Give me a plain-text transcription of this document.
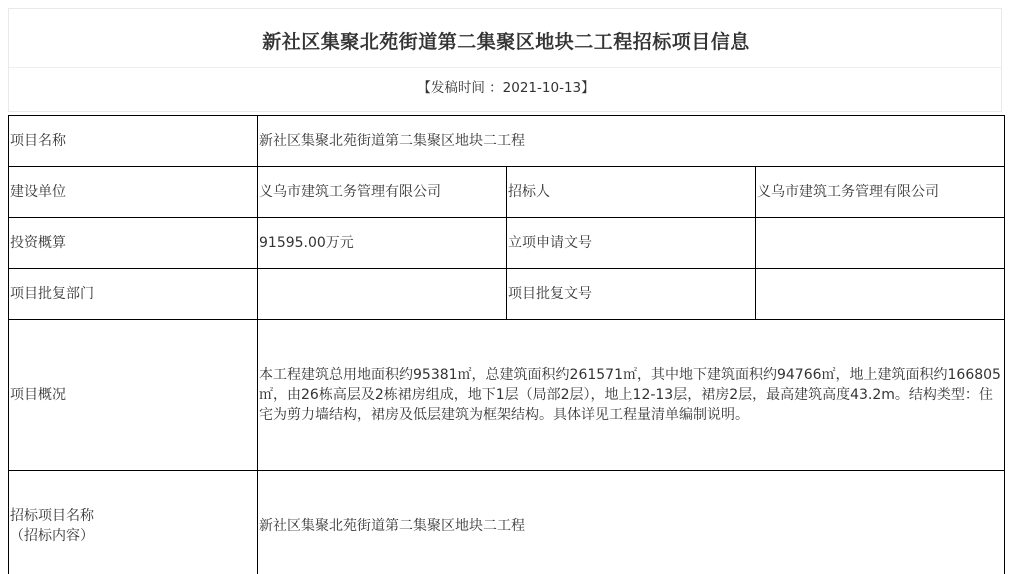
新社区集聚北苑街道第二集聚区地块二工程招标项目信息
【发稿时间 ：2021-10-13】
项目名称	新社区集聚北苑街道第二集聚区地块二工程		
建设单位	义乌市建筑工务管理有限公司	招标人	义乌市建筑工务管理有限公司
投资概算	91595.00万元	立项申请文号	
项目批复部门		项目批复文号	
项目概况	本工程建筑总用地面积约95381㎡，总建筑面积约261571㎡，其中地下建筑面积约94766㎡，地上建筑面积约166805㎡，由26栋高层及2栋裙房组成，地下1层（局部2层），地上12-13层，裙房2层，最高建筑高度43.2m。结构类型：住宅为剪力墙结构，裙房及低层建筑为框架结构。具体详见工程量清单编制说明。		
招标项目名称
（招标内容）	新社区集聚北苑街道第二集聚区地块二工程		
